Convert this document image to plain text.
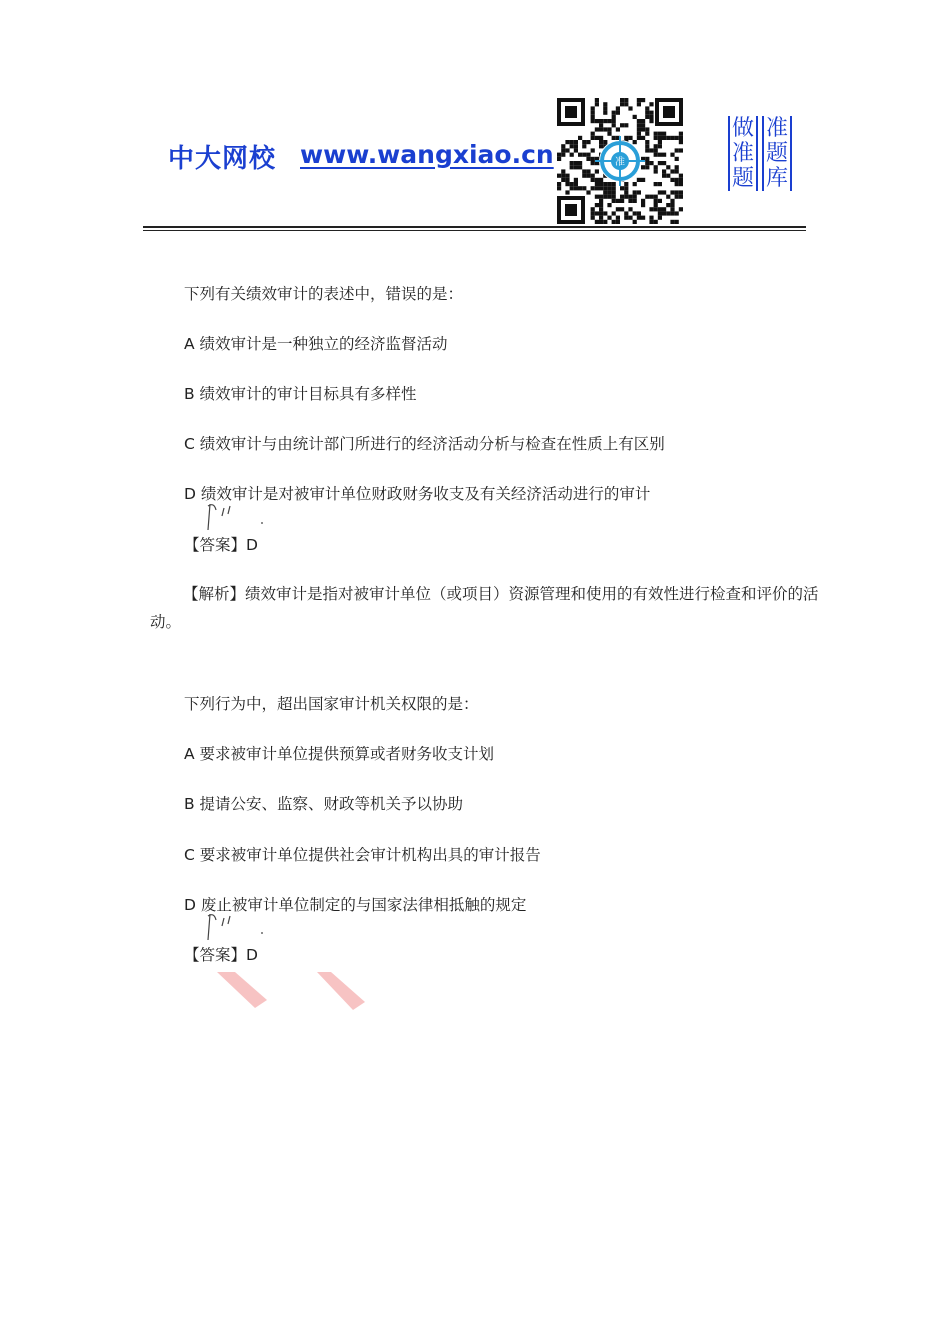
中大网校 www.wangxiao.cn	准
做
准
题
准
题
库
下列有关绩效审计的表述中，错误的是：
A 绩效审计是一种独立的经济监督活动
B 绩效审计的审计目标具有多样性
C 绩效审计与由统计部门所进行的经济活动分析与检查在性质上有区别
D 绩效审计是对被审计单位财政财务收支及有关经济活动进行的审计
【答案】D
【解析】绩效审计是指对被审计单位（或项目）资源管理和使用的有效性进行检查和评价的活动。
下列行为中，超出国家审计机关权限的是：
A 要求被审计单位提供预算或者财务收支计划
B 提请公安、监察、财政等机关予以协助
C 要求被审计单位提供社会审计机构出具的审计报告
D 废止被审计单位制定的与国家法律相抵触的规定
【答案】D
